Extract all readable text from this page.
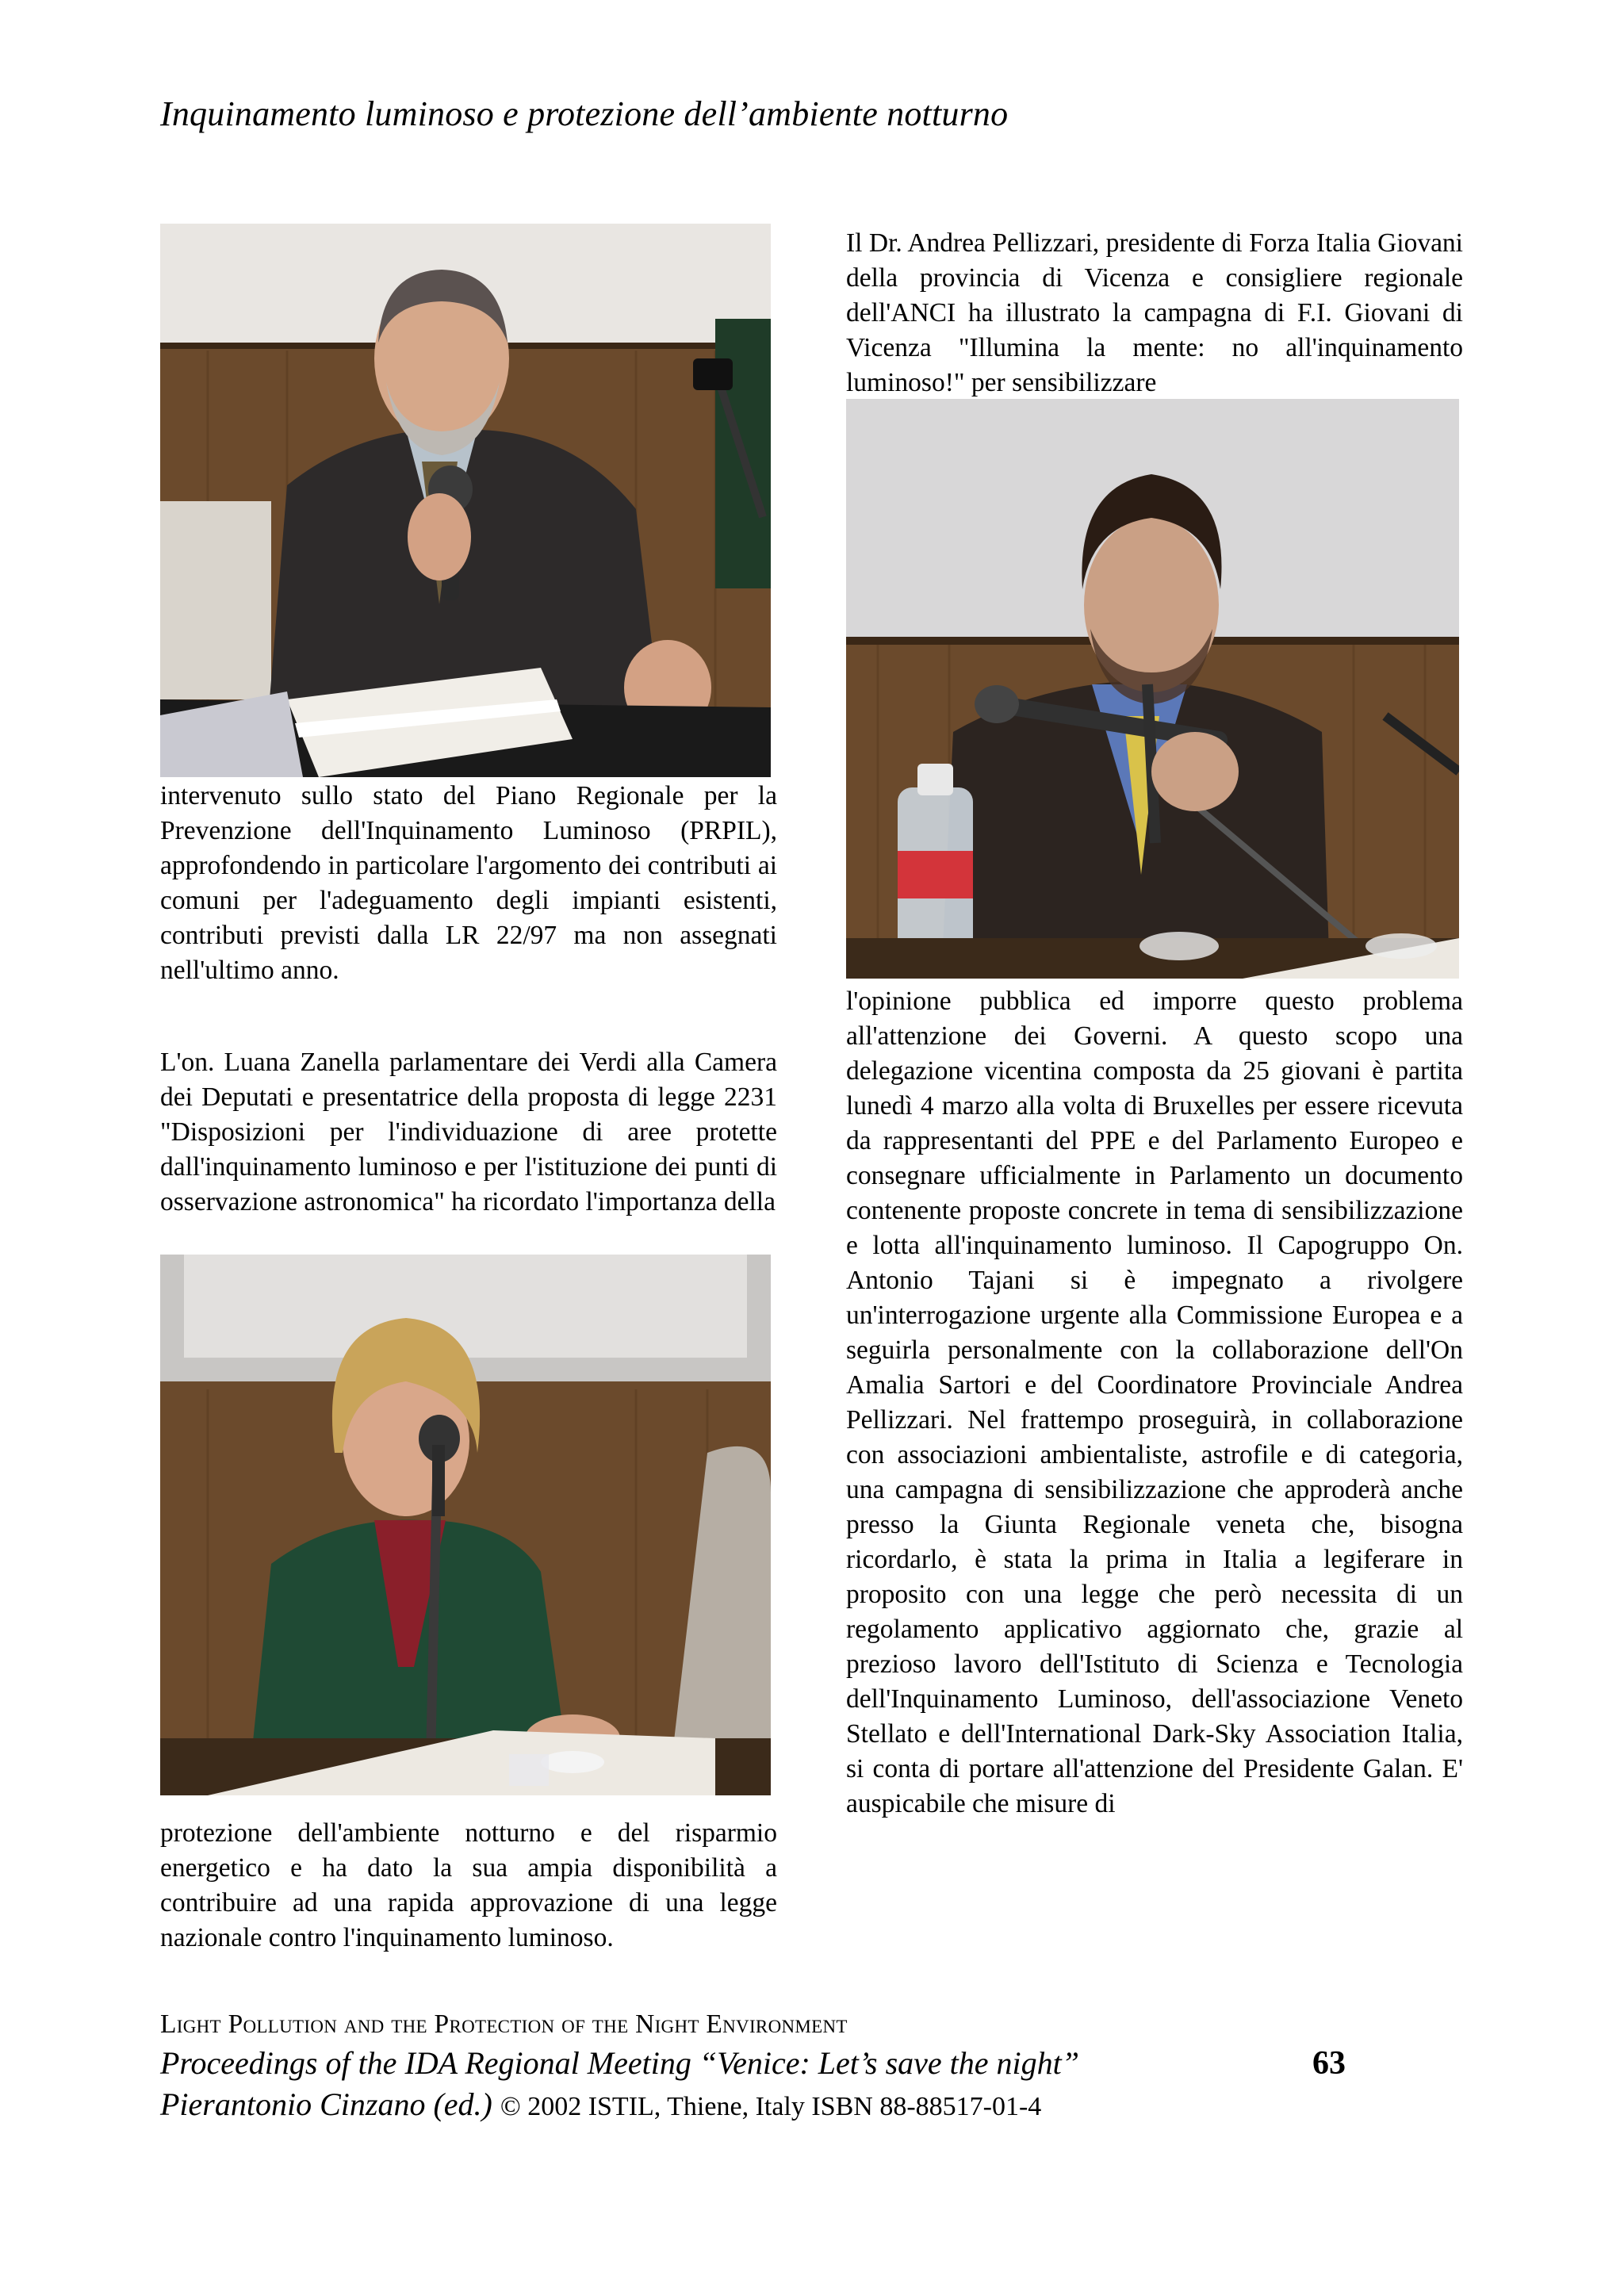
Inquinamento luminoso e protezione dell’ambiente notturno

intervenuto sullo stato del Piano Regionale per la Prevenzione dell'Inquinamento Luminoso (PRPIL), approfondendo in particolare l'argomento dei contributi ai comuni per l'adeguamento degli impianti esistenti, contributi previsti dalla LR 22/97 ma non assegnati nell'ultimo anno.

L'on. Luana Zanella parlamentare dei Verdi alla Camera dei Deputati e presentatrice della proposta di legge 2231 "Disposizioni per l'individuazione di aree protette dall'inquinamento luminoso e per l'istituzione dei punti di osservazione astronomica" ha ricordato l'importanza della

protezione dell'ambiente notturno e del risparmio energetico e ha dato la sua ampia disponibilità a contribuire ad una rapida approvazione di una legge nazionale contro l'inquinamento luminoso.

Il Dr. Andrea Pellizzari, presidente di Forza Italia Giovani della provincia di Vicenza e consigliere regionale dell'ANCI ha illustrato la campagna di F.I. Giovani di Vicenza "Illumina la mente: no all'inquinamento luminoso!" per sensibilizzare

l'opinione pubblica ed imporre questo problema all'attenzione dei Governi. A questo scopo una delegazione vicentina composta da 25 giovani è partita lunedì 4 marzo alla volta di Bruxelles per essere ricevuta da rappresentanti del PPE e del Parlamento Europeo e consegnare ufficialmente in Parlamento un documento contenente proposte concrete in tema di sensibilizzazione e lotta all'inquinamento luminoso. Il Capogruppo On. Antonio Tajani si è impegnato a rivolgere un'interrogazione urgente alla Commissione Europea e a seguirla personalmente con la collaborazione dell'On Amalia Sartori e del Coordinatore Provinciale Andrea Pellizzari. Nel frattempo proseguirà, in collaborazione con associazioni ambientaliste, astrofile e di categoria, una campagna di sensibilizzazione che approderà anche presso la Giunta Regionale veneta che, bisogna ricordarlo, è stata la prima in Italia a legiferare in proposito con una legge che però necessita di un regolamento applicativo aggiornato che, grazie al prezioso lavoro dell'Istituto di Scienza e Tecnologia dell'Inquinamento Luminoso, dell'associazione Veneto Stellato e dell'International Dark-Sky Association Italia, si conta di portare all'attenzione del Presidente Galan. E' auspicabile che misure di

Light Pollution and the Protection of the Night Environment
Proceedings of the IDA Regional Meeting “Venice: Let’s save the night”
Pierantonio Cinzano (ed.) © 2002 ISTIL, Thiene, Italy ISBN 88-88517-01-4
63
